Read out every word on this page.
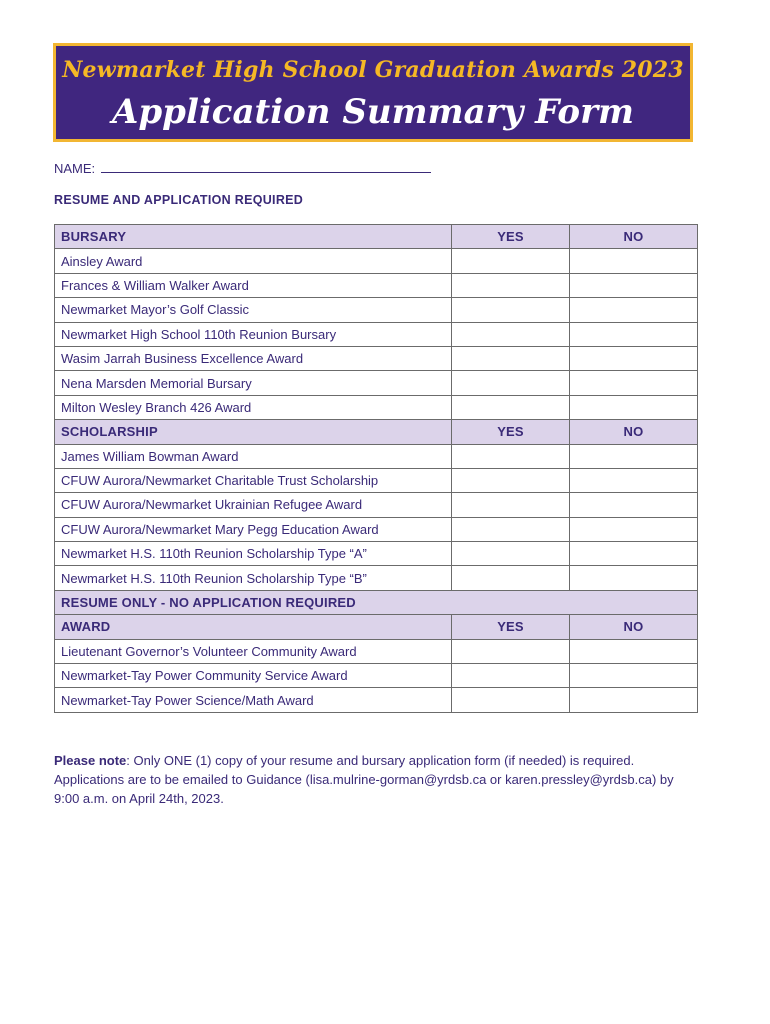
Newmarket High School Graduation Awards 2023
Application Summary Form
NAME:
RESUME AND APPLICATION REQUIRED
BURSARY	YES	NO
Ainsley Award		
Frances & William Walker Award		
Newmarket Mayor’s Golf Classic		
Newmarket High School 110th Reunion Bursary		
Wasim Jarrah Business Excellence Award		
Nena Marsden Memorial Bursary		
Milton Wesley Branch 426 Award		
SCHOLARSHIP	YES	NO
James William Bowman Award		
CFUW Aurora/Newmarket Charitable Trust Scholarship		
CFUW Aurora/Newmarket Ukrainian Refugee Award		
CFUW Aurora/Newmarket Mary Pegg Education Award		
Newmarket H.S. 110th Reunion Scholarship Type “A”		
Newmarket H.S. 110th Reunion Scholarship Type “B”		
RESUME ONLY - NO APPLICATION REQUIRED		
AWARD	YES	NO
Lieutenant Governor’s Volunteer Community Award		
Newmarket-Tay Power Community Service Award		
Newmarket-Tay Power Science/Math Award		
Please note: Only ONE (1) copy of your resume and bursary application form (if needed) is required. Applications are to be emailed to Guidance (lisa.mulrine-gorman@yrdsb.ca or karen.pressley@yrdsb.ca) by 9:00 a.m. on April 24th, 2023.
